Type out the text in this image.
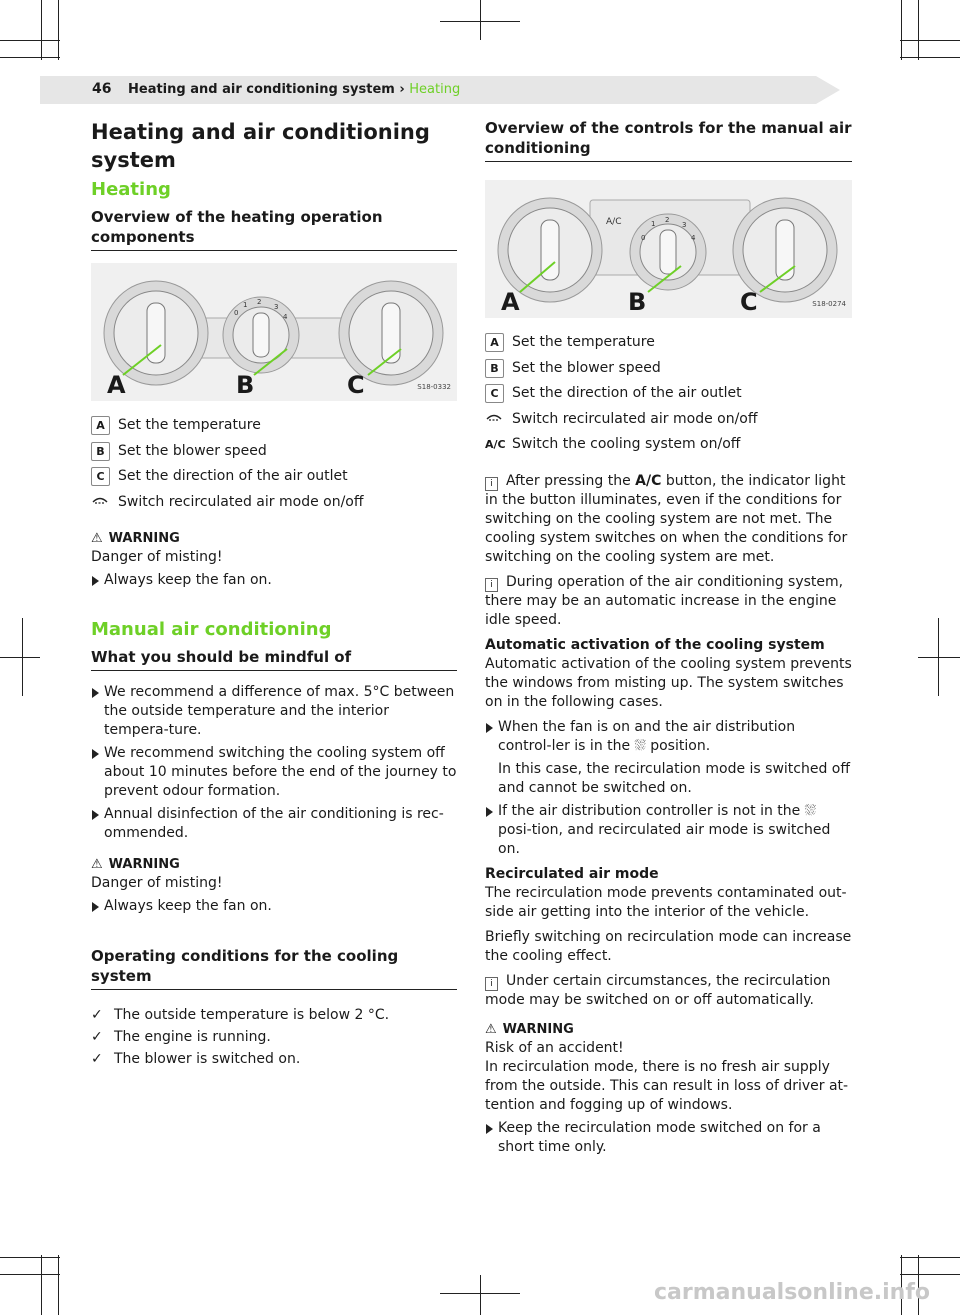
46 Heating and air conditioning system › Heating
Heating and air conditioning system
Heating
Overview of the heating operation components
0
1 2
3
4
A	B	C	S18-0332
A Set the temperature
B Set the blower speed
C Set the direction of the air outlet
Switch recirculated air mode on/off
⚠ WARNING
Danger of misting!
Always keep the fan on.
Manual air conditioning
What you should be mindful of
We recommend a difference of max. 5°C between the outside temperature and the interior tempera-ture.
We recommend switching the cooling system off about 10 minutes before the end of the journey to prevent odour formation.
Annual disinfection of the air conditioning is rec-ommended.
⚠ WARNING
Danger of misting!
Always keep the fan on.
Operating conditions for the cooling system
✓ The outside temperature is below 2 °C.
✓ The engine is running.
✓ The blower is switched on.
Overview of the controls for the manual air conditioning
A/C
0
1 2
3
4
A	B	C	S18-0274
A Set the temperature
B Set the blower speed
C Set the direction of the air outlet
Switch recirculated air mode on/off
A/C Switch the cooling system on/off
i After pressing the A/C button, the indicator light in the button illuminates, even if the conditions for switching on the cooling system are not met. The cooling system switches on when the conditions for switching on the cooling system are met.
i During operation of the air conditioning system, there may be an automatic increase in the engine idle speed.
Automatic activation of the cooling system
Automatic activation of the cooling system prevents the windows from misting up. The system switches on in the following cases.
When the fan is on and the air distribution control-ler is in the ⛆ position.
In this case, the recirculation mode is switched off and cannot be switched on.
If the air distribution controller is not in the ⛆ posi-tion, and recirculated air mode is switched on.
Recirculated air mode
The recirculation mode prevents contaminated out-side air getting into the interior of the vehicle.
Briefly switching on recirculation mode can increase the cooling effect.
i Under certain circumstances, the recirculation mode may be switched on or off automatically.
⚠ WARNING
Risk of an accident!
In recirculation mode, there is no fresh air supply from the outside. This can result in loss of driver at-tention and fogging up of windows.
Keep the recirculation mode switched on for a short time only.
carmanualsonline.info
